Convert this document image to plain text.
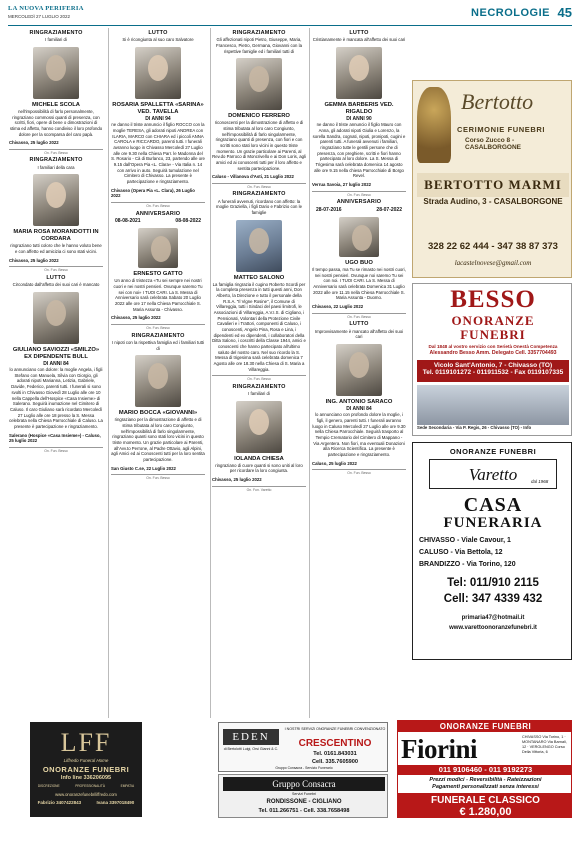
LA NUOVA PERIFERIA
MERCOLEDÌ 27 LUGLIO 2022	NECROLOGIE 45
RINGRAZIAMENTO
I familiari di
MICHELE SCOLA
nell'impossibilità di farlo personalmente, ringraziano commossi quanti di presenza, con scritti, fiori, opere di bene o dimostrazioni di stima ed affetto, hanno condiviso il loro profondo dolore per la scomparsa del caro papà.
Chivasso, 25 luglio 2022
On. Fun. Besso
RINGRAZIAMENTO
I familiari della cara
MARIA ROSA MORANDOTTI IN CORDARA
ringraziano tutti coloro che le hanno voluto bene e con affetto ed amicizia ci sono stati vicini.
Chivasso, 25 luglio 2022
On. Fun. Besso
LUTTO
Circondato dall'affetto dei suoi cari è mancato
GIULIANO SAVIOZZI «SMILZO» EX DIPENDENTE BULL
DI ANNI 84
lo annunciano con dolore: la moglie Angela, i figli Stefano con Manuela, Silvia con Giorgio, gli adorati nipoti Marianna, Letizia, Gabriele, Davide, Federico, parenti tutti. I funerali si sono svolti in Chivasso Giovedì 28 Luglio alle ore 10 nella Cappella dell'Hospice «Casa Insieme» di Salerano. Seguirà inumazione nel Cimitero di Caluso. Il caro Giuliano sarà ricordato Mercoledì 27 Luglio alle ore 18 presso la S. Messa celebrata nella Chiesa Parrocchiale di Caluso. La presente è partecipazione e ringraziamento.
Salerano (Hospice «Casa Insieme») - Caluso, 25 luglio 2022
On. Fun. Besso
LUTTO
Si è ricongiunta al suo caro Salvatore
ROSARIA SPALLETTA «SARINA» VED. TAVELLA
DI ANNI 94
ne danno il triste annuncio il figlio ROCCO con la moglie TERESA, gli adorati nipoti ANDREA con ILARIA, MARCO con CHIARA ed i piccoli ANNA CAROLA e RICCARDO, parenti tutti. I funerali avranno luogo in Chivasso Mercoledì 27 Luglio alle ore 9.30 nella Chiesa Parr. le Madonna del S. Rosario - Cà di Burlanco, 23, partendo alle ore 9.15 dall'Opera Pia «L. Clara» - Via Italia n. 14 con arrivo in auto. Seguirà tumulazione nel Cimitero di Chivasso. La presente è partecipazione e ringraziamento.
Chivasso (Opera Pia «L. Clara), 26 Luglio 2022
On. Fun. Besso
ANNIVERSARIO
08-08-2021	08-08-2022
ERNESTO GATTO
Un anno di tristezza «Tu sei sempre nei nostri cuori e nei nostri pensieri. Ovunque saremo Tu sei con noi» I TUOI CARI. La S. Messa di Anniversario sarà celebrata Sabato 20 Luglio 2022 alle ore 17 nella Chiesa Parrocchiale S. Maria Assunta - Chivasso.
Chivasso, 25 luglio 2022
On. Fun. Besso
RINGRAZIAMENTO
I nipoti con la rispettiva famiglia ed i familiari tutti di
MARIO BOCCA «GIOVANNI»
ringraziano per la dimostrazione di affetto e di stima tributata al loro caro Congiunto, nell'impossibilità di farlo singolarmente, ringraziano quanti sono stati loro vicini in questo triste momento. Un grazie particolare ai Parenti, all'Avv.to Perrone, al Padre Ottavio, agli Alpini, agli Amici ed ai Conoscenti tutti per la loro sentita partecipazione.
San Giusto C.se, 22 Luglio 2022
On. Fun. Besso
RINGRAZIAMENTO
Gli affezionati nipoti Pietro, Giuseppe, Maria, Francesco, Pietro, Germana, Giovanni con la rispettive famiglie ed i familiari tutti di
DOMENICO FERRERO
riconoscenti per la dimostrazione di affetto e di stima tributata al loro caro Congiunto, nell'impossibilità di farlo singolarmente, ringraziano quanti di presenza, con fiori e con scritti sono stati loro vicini in questo triste momento. Un grazie particolare ai Parenti, al Rev.do Parroco di Moncrivello e ai Don Loris, agli amici ed ai conoscenti tutti per il loro affetto e sentita partecipazione.
Caluso - Villanova d'Asti, 21 Luglio 2022
On. Fun. Besso
RINGRAZIAMENTO
A funerali avvenuti, ricordano con affetto: la moglie Graziella, i figli Dario e Fabrizio con le famiglie
MATTEO SALONO
La famiglia ringrazia il cugino Roberto Scordi per la completa presenza in tutti questi anni, Don Alberto, la Direzione e tutto il personale della R.S.A. "Il Vigne Rosine", il Comune di Villareggia, tutti i Sindaci del paesi limitrofi, le Associazioni di Villareggia, A.V.I.S. di Cigliano, i Pensionati, Volontari della Protezione Civile Cavalieri e i Trattori, componenti di Caluso, i conoscenti, Angelo Pina, Rosa e Lina, i dipendenti ed ex dipendenti, i collaboratori della Ditta Salono, i coscritti della Classe 1944, amici e conoscenti che hanno partecipato all'ultimo saluto del nostro caro. Nel suo ricordo la S. Messa di trigesima sarà celebrata domenica 7 Agosto alle ore 18.30 nella Chiesa di S. Maria a Villareggia.
On. Fun. Besso
RINGRAZIAMENTO
I familiari di
IOLANDA CHIESA
ringraziano di cuore quanti si sono uniti al loro per ricordare la loro congiunta.
Chivasso, 25 luglio 2022
On. Fun. Varetto
LUTTO
Cristianamente è mancata all'affetto dei suoi cari
GEMMA BARBERIS VED. RIGALDO
DI ANNI 90
ne danno il triste annuncio il figlio Mauro con Anna, gli adorati nipoti Giulia e Lorenzo, la sorella Sandra, cognati, nipoti, pronipoti, cugini e parenti tutti. A funerali avvenuti i familiari, ringraziano tutte le gentili persone che di presenza, con preghiere, scritti e fiori hanno partecipato al loro dolore. La S. Messa di Trigesima sarà celebrata domenica 14 agosto alle ore 9.15 nella chiesa Parrocchiale di Borgo Revel.
Verrua Savoia, 27 luglio 2022
On. Fun. Besso
ANNIVERSARIO
28-07-2016	28-07-2022
UGO BUO
Il tempo passa, ma Tu se rimasto nei nostri cuori, nei nostri pensieri. Ovunque noi saremo Tu sei con noi. I TUOI CARI. La S. Messa di Anniversario sarà celebrata Domenica 31 Luglio 2022 alle ore 11.15 nella Chiesa Parrocchiale S. Maria Assunta - Duomo.
Chivasso, 22 Luglio 2022
On. Fun. Besso
LUTTO
Improvvisamente è mancato all'affetto dei suoi cari
ING. ANTONIO SARACO
DI ANNI 84
lo annunciano con profondo dolore la moglie, i figli, il genero, parenti tutti. I funerali avranno luogo in Caluso Mercoledì 27 Luglio alle ore 9.30 nella Chiesa Parrocchiale. Seguirà trasporto al Tempio Crematorio del Cimitero di Mappano - Via Argentera. Non fiori, ma eventuali Donazioni alla Ricerca Scientifica. La presente è partecipazione e ringraziamento.
Caluso, 25 luglio 2022
On. Fun. Besso
Bertotto
CERIMONIE FUNEBRI
Corso Zucco 8 - CASALBORGONE
BERTOTTO MARMI
Strada Audino, 3 - CASALBORGONE
328 22 62 444 - 347 38 87 373
lacastelnovese@gmail.com
BESSO
ONORANZE
FUNEBRI
Dal 1848 al vostro servizio con Serietà Onestà Competenza
Alessandro Besso Amm. Delegato Cell. 3357704493
Vicolo Sant'Antonio, 7 - Chivasso (TO)
Tel. 0119101272 - 011911532 - Fax 0119107335
Sede Secondaria - Via P. Regis, 26 - Chivasso (TO) - Info
ONORANZE FUNEBRI
Varetto	dal 1968
CASA
FUNERARIA
CHIVASSO - Viale Cavour, 1
CALUSO - Via Bettola, 12
BRANDIZZO - Via Torino, 120
Tel: 011/910 2115
Cell: 347 4339 432
primaria47@hotmail.it
www.varettoonoranzefunebri.it
LFF
Liffredo Funeral Home
ONORANZE FUNEBRI
Info line 336206095
DISCREZIONE	PROFESSIONALITÀ	EMPATIA
www.onoranzefunebriliffredo.com
Fabrizio 3407422843	Ivana 3397018490
EDEN
di Bertolotti Luigi, Orsi Gianni & C.
I NOSTRI SERVIZI ONORANZE FUNEBRI CONVENZIONATO
CRESCENTINO
Tel. 0161.843031
Cell. 335.7605900
Gruppo Consacra - Servizio Funerario
Gruppo Consacra
Servizi Funebri
RONDISSONE - CIGLIANO
Tel. 011.266751 - Cell. 338.7658498
ONORANZE FUNEBRI
Fiorini	CHIVASSO Via Torino, 1 · MONTANARO Via Barnali, 12 · VEROLENGO Corso Della Vittoria, 6
011 9106460 - 011 9192273
Prezzi modici - Reversibilità - Rateizzazioni
Pagamenti personalizzati senza interessi
FUNERALE CLASSICO
€ 1.280,00
